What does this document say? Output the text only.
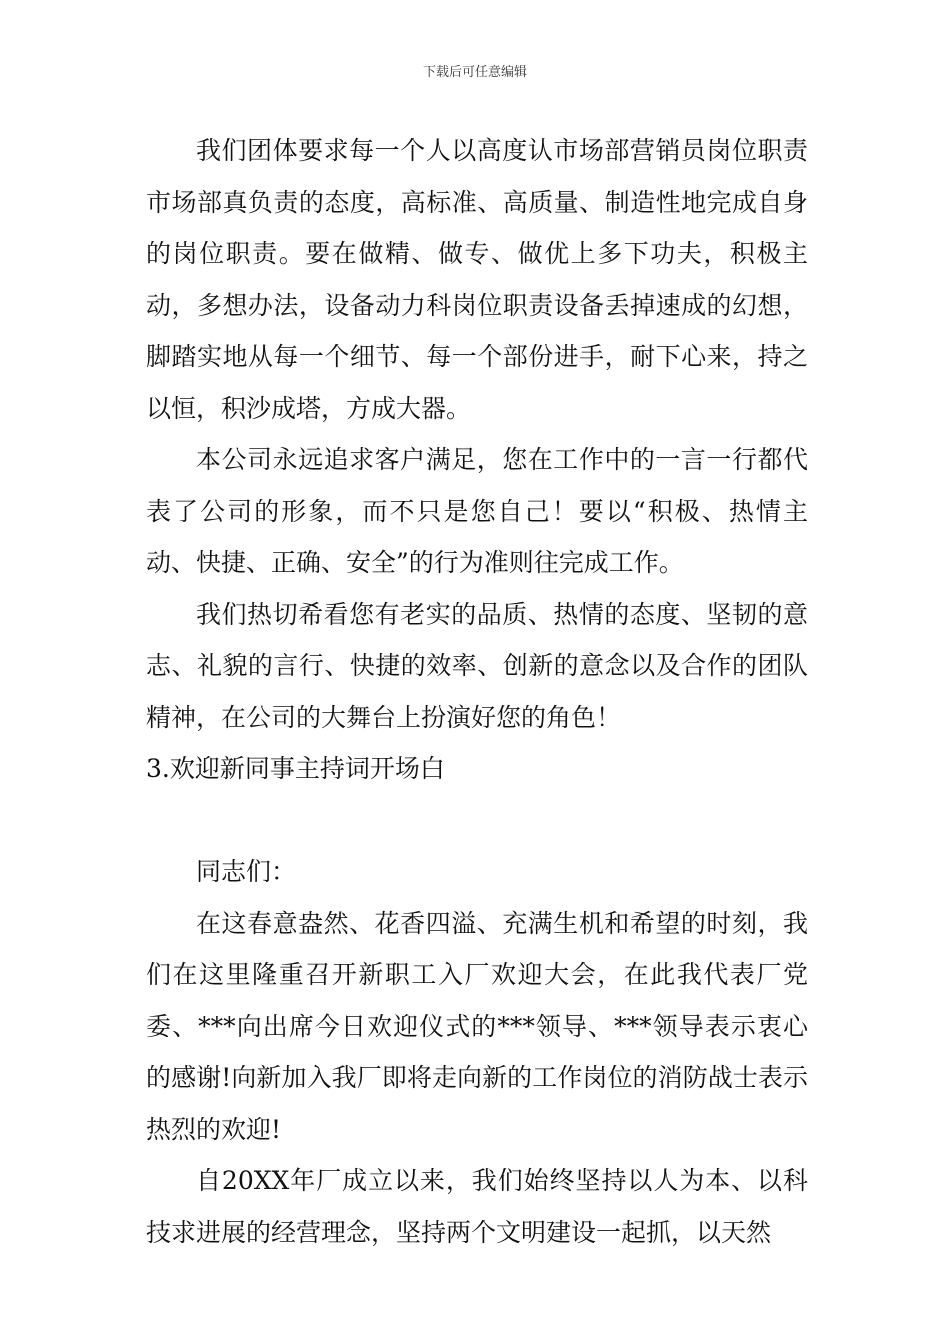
下载后可任意编辑

我们团体要求每一个人以高度认市场部营销员岗位职责市场部真负责的态度，高标准、高质量、制造性地完成自身的岗位职责。要在做精、做专、做优上多下功夫，积极主动，多想办法，设备动力科岗位职责设备丢掉速成的幻想，脚踏实地从每一个细节、每一个部份进手，耐下心来，持之以恒，积沙成塔，方成大器。

本公司永远追求客户满足，您在工作中的一言一行都代表了公司的形象，而不只是您自己！要以“积极、热情主动、快捷、正确、安全”的行为准则往完成工作。

我们热切希看您有老实的品质、热情的态度、坚韧的意志、礼貌的言行、快捷的效率、创新的意念以及合作的团队精神，在公司的大舞台上扮演好您的角色！

3.欢迎新同事主持词开场白

同志们：

在这春意盎然、花香四溢、充满生机和希望的时刻，我们在这里隆重召开新职工入厂欢迎大会，在此我代表厂党委、***向出席今日欢迎仪式的***领导、***领导表示衷心的感谢!向新加入我厂即将走向新的工作岗位的消防战士表示热烈的欢迎!

自20XX年厂成立以来，我们始终坚持以人为本、以科技求进展的经营理念，坚持两个文明建设一起抓，以天然
